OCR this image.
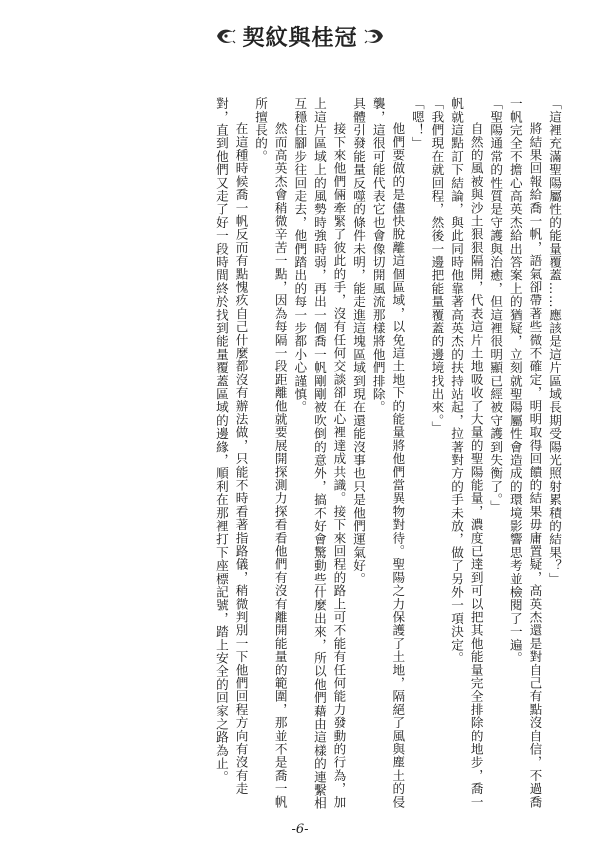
契紋與桂冠

「這裡充滿聖陽屬性的能量覆蓋……應該是這片區域長期受陽光照射累積的結果？」

將結果回報給喬一帆，語氣卻帶著些微不確定，明明取得回饋的結果毋庸置疑，高英杰還是對自己有點沒自信，不過喬一帆完全不擔心高英杰給出答案上的猶疑，立刻就聖陽屬性會造成的環境影響思考並檢閱了一遍。

「聖陽通常的性質是守護與治癒，但這裡很明顯已經被守護到失衡了。」

自然的風被與沙土狠狠隔開，代表這片土地吸收了大量的聖陽能量，濃度已達到可以把其他能量完全排除的地步，喬一帆就這點訂下結論，與此同時他靠著高英杰的扶持站起，拉著對方的手未放，做了另外一項決定。

「我們現在就回程，然後一邊把能量覆蓋的邊境找出來。」

「嗯！」

他們要做的是儘快脫離這個區域，以免這土地下的能量將他們當異物對待。聖陽之力保護了土地，隔絕了風與塵土的侵襲，這很可能代表它也會像切開風流那樣將他們排除。

具體引發能量反噬的條件未明，能走進這塊區域到現在還能沒事也只是他們運氣好。

接下來他們倆牽緊了彼此的手，沒有任何交談卻在心裡達成共識。接下來回程的路上可不能有任何能力發動的行為，加上這片區域上的風勢時強時弱，再出一個喬一帆剛剛被吹倒的意外，搞不好會驚動些什麼出來，所以他們藉由這樣的連繫相互穩住腳步往回走去，他們踏出的每一步都小心謹慎。

然而高英杰會稍微辛苦一點，因為每隔一段距離他就要展開探測力探看看他們有沒有離開能量的範圍，那並不是喬一帆所擅長的。

在這種時候喬一帆反而有點愧疚自己什麼都沒有辦法做，只能不時看著指路儀，稍微判別一下他們回程方向有沒有走對，直到他們又走了好一段時間終於找到能量覆蓋區域的邊緣，順利在那裡打下座標記號，踏上安全的回家之路為止。

-6-
